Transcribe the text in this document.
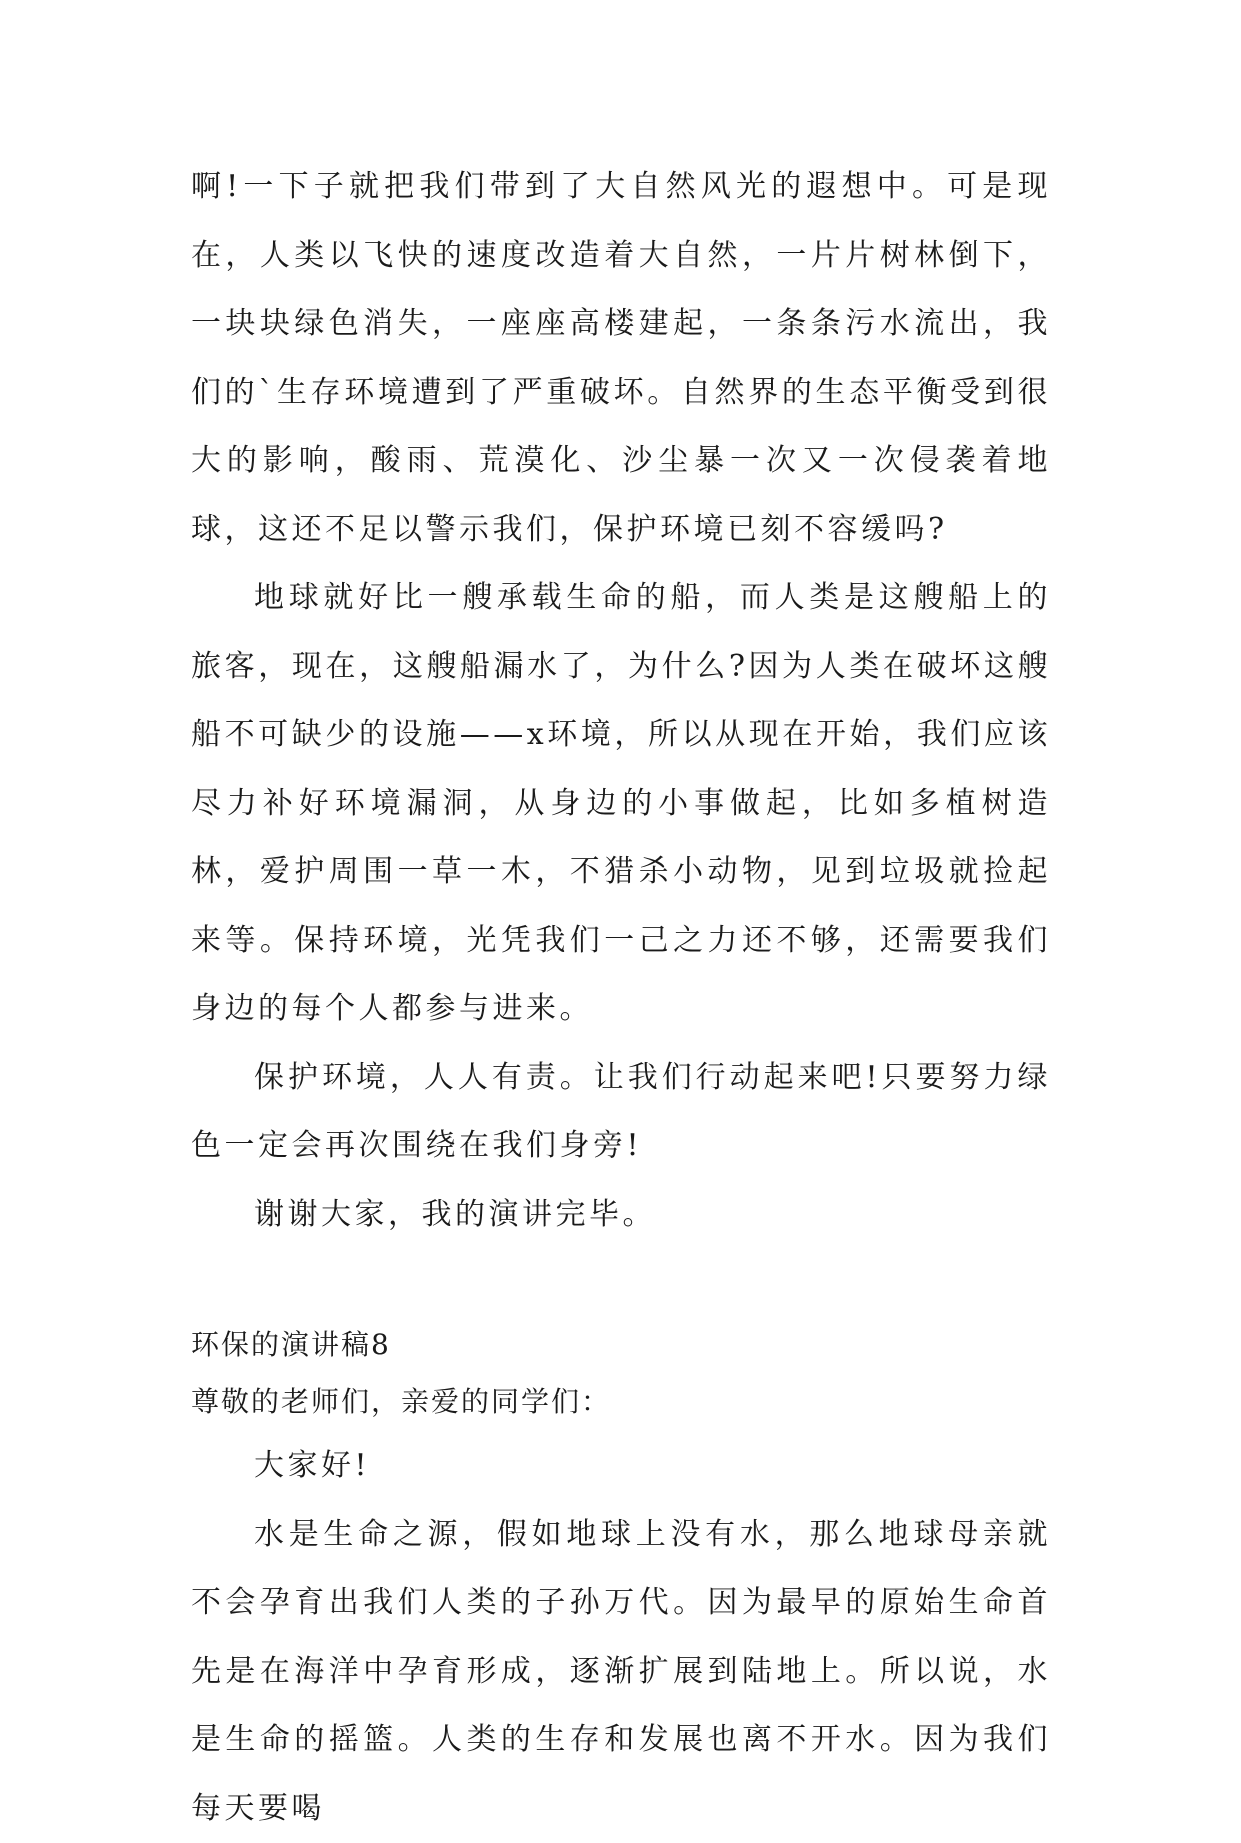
啊!一下子就把我们带到了大自然风光的遐想中。可是现在，人类以飞快的速度改造着大自然，一片片树林倒下，一块块绿色消失，一座座高楼建起，一条条污水流出，我们的`生存环境遭到了严重破坏。自然界的生态平衡受到很大的影响，酸雨、荒漠化、沙尘暴一次又一次侵袭着地球，这还不足以警示我们，保护环境已刻不容缓吗?

地球就好比一艘承载生命的船，而人类是这艘船上的旅客，现在，这艘船漏水了，为什么?因为人类在破坏这艘船不可缺少的设施——x环境，所以从现在开始，我们应该尽力补好环境漏洞，从身边的小事做起，比如多植树造林，爱护周围一草一木，不猎杀小动物，见到垃圾就捡起来等。保持环境，光凭我们一己之力还不够，还需要我们身边的每个人都参与进来。

保护环境，人人有责。让我们行动起来吧!只要努力绿色一定会再次围绕在我们身旁!

谢谢大家，我的演讲完毕。

环保的演讲稿8

尊敬的老师们，亲爱的同学们：

大家好!

水是生命之源，假如地球上没有水，那么地球母亲就不会孕育出我们人类的子孙万代。因为最早的原始生命首先是在海洋中孕育形成，逐渐扩展到陆地上。所以说，水是生命的摇篮。人类的生存和发展也离不开水。因为我们每天要喝
